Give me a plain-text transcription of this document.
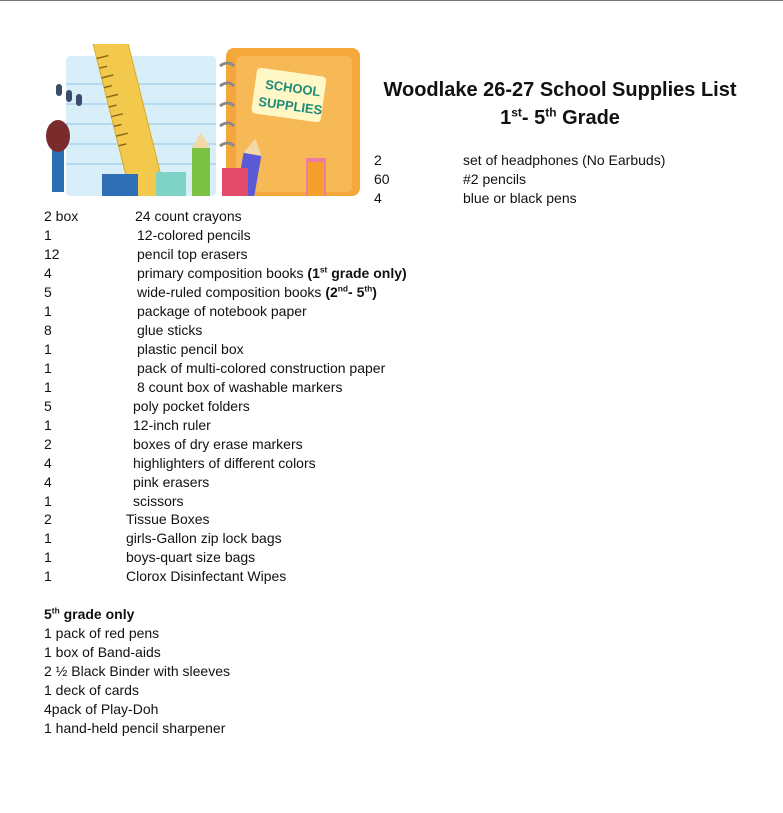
SCHOOL
SUPPLIES
Woodlake 26-27 School Supplies List
1st- 5th Grade
2	set of headphones (No Earbuds)
60	#2 pencils
4	blue or black pens
2 box	24 count crayons
1	12-colored pencils
12	pencil top erasers
4	primary composition books (1st grade only)
5	wide-ruled composition books (2nd- 5th)
1	package of notebook paper
8	glue sticks
1	plastic pencil box
1	pack of multi-colored construction paper
1	8 count box of washable markers
5	poly pocket folders
1	12-inch ruler
2	boxes of dry erase markers
4	highlighters of different colors
4	pink erasers
1	scissors
2	Tissue Boxes
1	girls-Gallon zip lock bags
1	boys-quart size bags
1	Clorox Disinfectant Wipes
5th grade only
1 pack of red pens
1 box of Band-aids
2 ½ Black Binder with sleeves
1 deck of cards
4pack of Play-Doh
1 hand-held pencil sharpener
